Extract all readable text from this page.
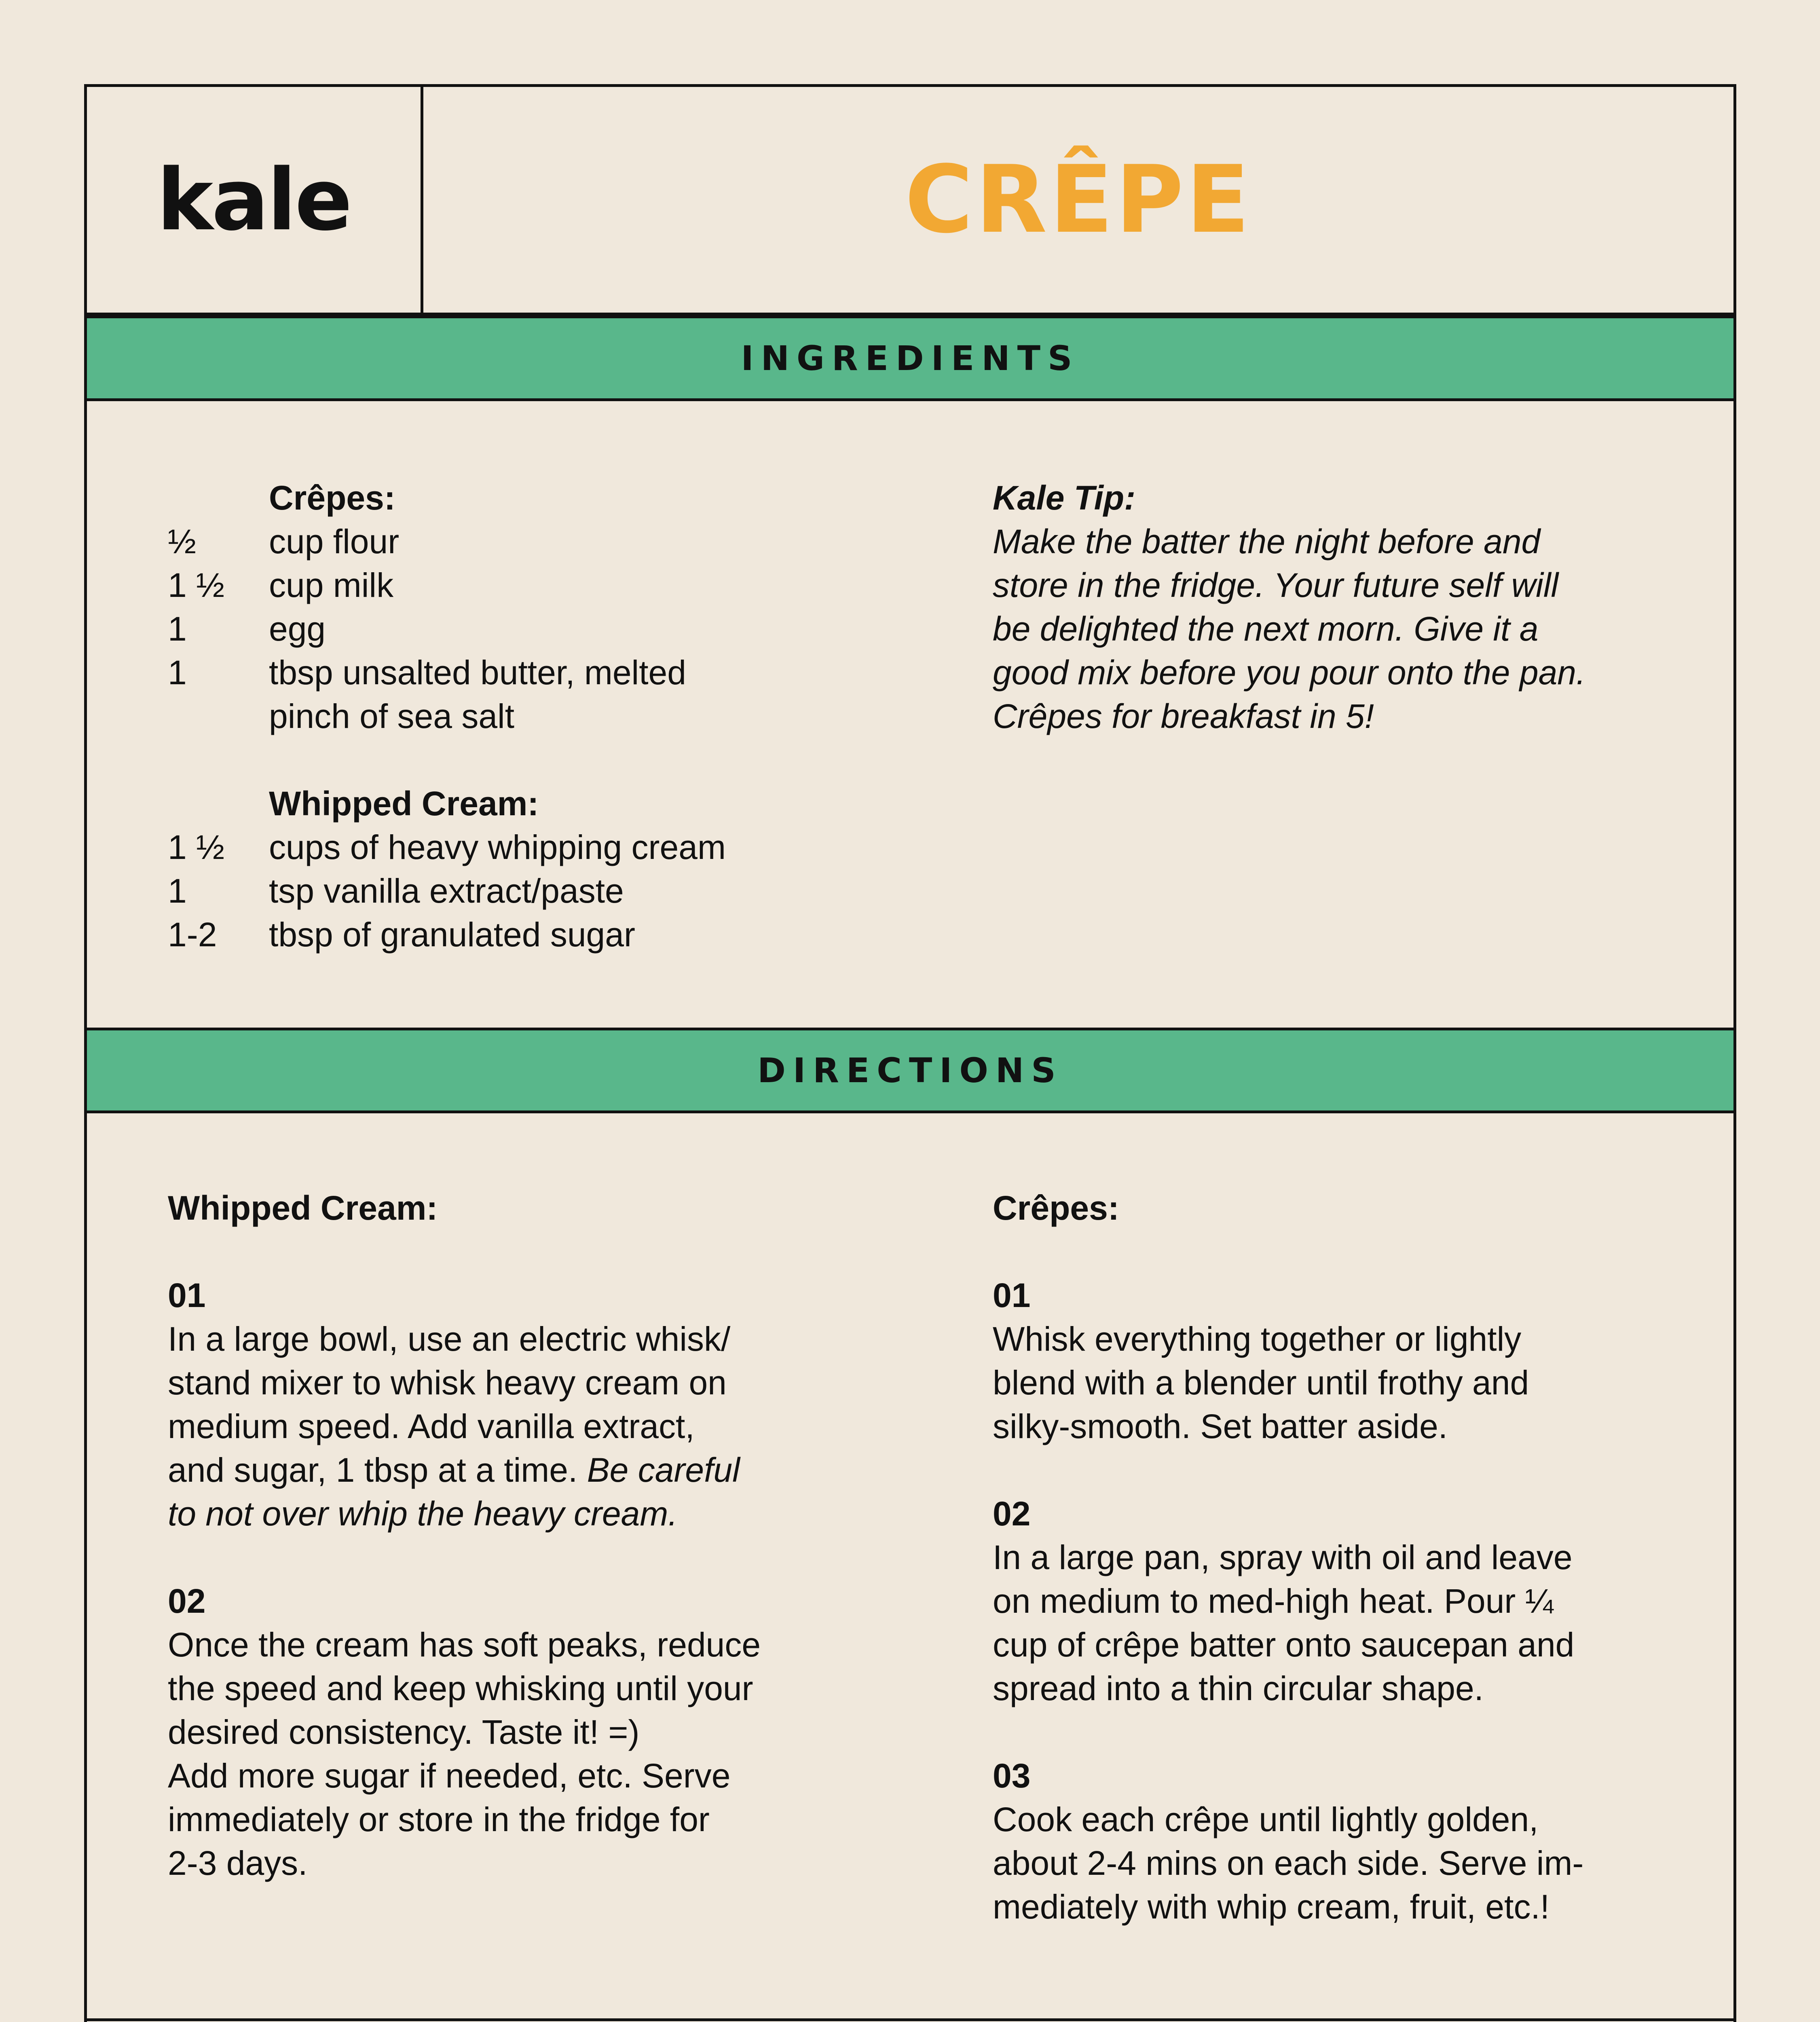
kale	CRÊPE
INGREDIENTS
Crêpes:
½	cup flour
1 ½	cup milk
1	egg
1	tbsp unsalted butter, melted
pinch of sea salt
Whipped Cream:
1 ½	cups of heavy whipping cream
1	tsp vanilla extract/paste
1-2	tbsp of granulated sugar
Kale Tip:
Make the batter the night before and
store in the fridge. Your future self will
be delighted the next morn. Give it a
good mix before you pour onto the pan.
Crêpes for breakfast in 5!
DIRECTIONS
Whipped Cream:
01
In a large bowl, use an electric whisk/
stand mixer to whisk heavy cream on
medium speed. Add vanilla extract,
and sugar, 1 tbsp at a time. Be careful
to not over whip the heavy cream.
02
Once the cream has soft peaks, reduce
the speed and keep whisking until your
desired consistency. Taste it! =)
Add more sugar if needed, etc. Serve
immediately or store in the fridge for
2-3 days.
Crêpes:
01
Whisk everything together or lightly
blend with a blender until frothy and
silky-smooth. Set batter aside.
02
In a large pan, spray with oil and leave
on medium to med-high heat. Pour ¼
cup of crêpe batter onto saucepan and
spread into a thin circular shape.
03
Cook each crêpe until lightly golden,
about 2-4 mins on each side. Serve im-
mediately with whip cream, fruit, etc.!
